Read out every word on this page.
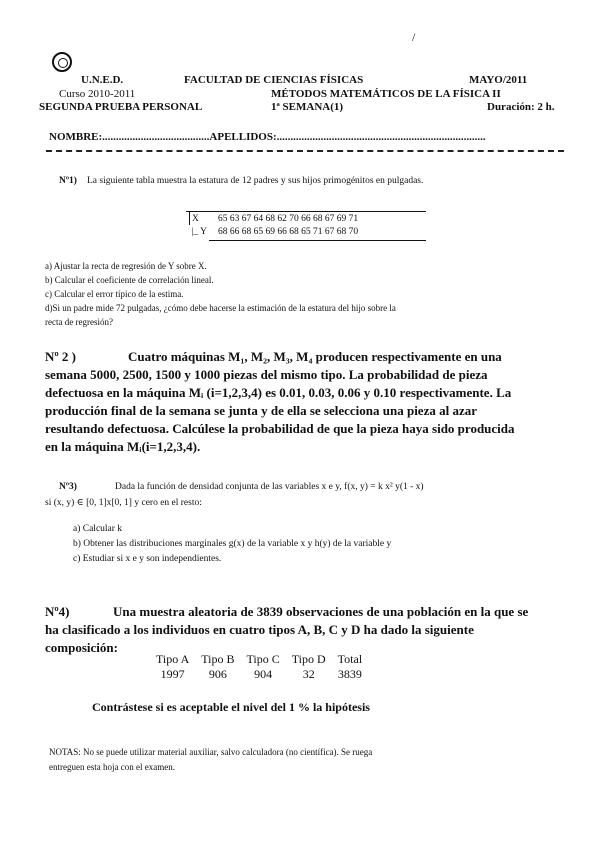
/
U.N.E.D.	FACULTAD DE CIENCIAS FÍSICAS	MAYO/2011
Curso 2010-2011	MÉTODOS MATEMÁTICOS DE LA FÍSICA II
SEGUNDA PRUEBA PERSONAL	1ª SEMANA(1)	Duración: 2 h.
NOMBRE:.......................................APELLIDOS:............................................................................
Nº1) La siguiente tabla muestra la estatura de 12 padres y sus hijos primogénitos en pulgadas.
X	65 63 67 64 68 62 70 66 68 67 69 71
|_ Y	68 66 68 65 69 66 68 65 71 67 68 70
a) Ajustar la recta de regresión de Y sobre X.
b) Calcular el coeficiente de correlación lineal.
c) Calcular el error típico de la estima.
d)Si un padre mide 72 pulgadas, ¿cómo debe hacerse la estimación de la estatura del hijo sobre la
recta de regresión?
Nº 2 )	Cuatro máquinas M₁, M₂, M₃, M₄ producen respectivamente en una
semana 5000, 2500, 1500 y 1000 piezas del mismo tipo. La probabilidad de pieza
defectuosa en la máquina Mᵢ (i=1,2,3,4) es 0.01, 0.03, 0.06 y 0.10 respectivamente. La
producción final de la semana se junta y de ella se selecciona una pieza al azar
resultando defectuosa. Calcúlese la probabilidad de que la pieza haya sido producida
en la máquina Mᵢ(i=1,2,3,4).
Nº3)	Dada la función de densidad conjunta de las variables x e y, f(x, y) = k x² y(1 - x)
si (x, y) ∈ [0, 1]x[0, 1] y cero en el resto:
a) Calcular k
b) Obtener las distribuciones marginales g(x) de la variable x y h(y) de la variable y
c) Estudiar si x e y son independientes.
Nº4)	Una muestra aleatoria de 3839 observaciones de una población en la que se
ha clasificado a los individuos en cuatro tipos A, B, C y D ha dado la siguiente
composición:
Tipo A	Tipo B	Tipo C	Tipo D	Total
1997	906	904	32	3839
Contrástese si es aceptable el nivel del 1 % la hipótesis
NOTAS: No se puede utilizar material auxiliar, salvo calculadora (no científica). Se ruega
entreguen esta hoja con el examen.
